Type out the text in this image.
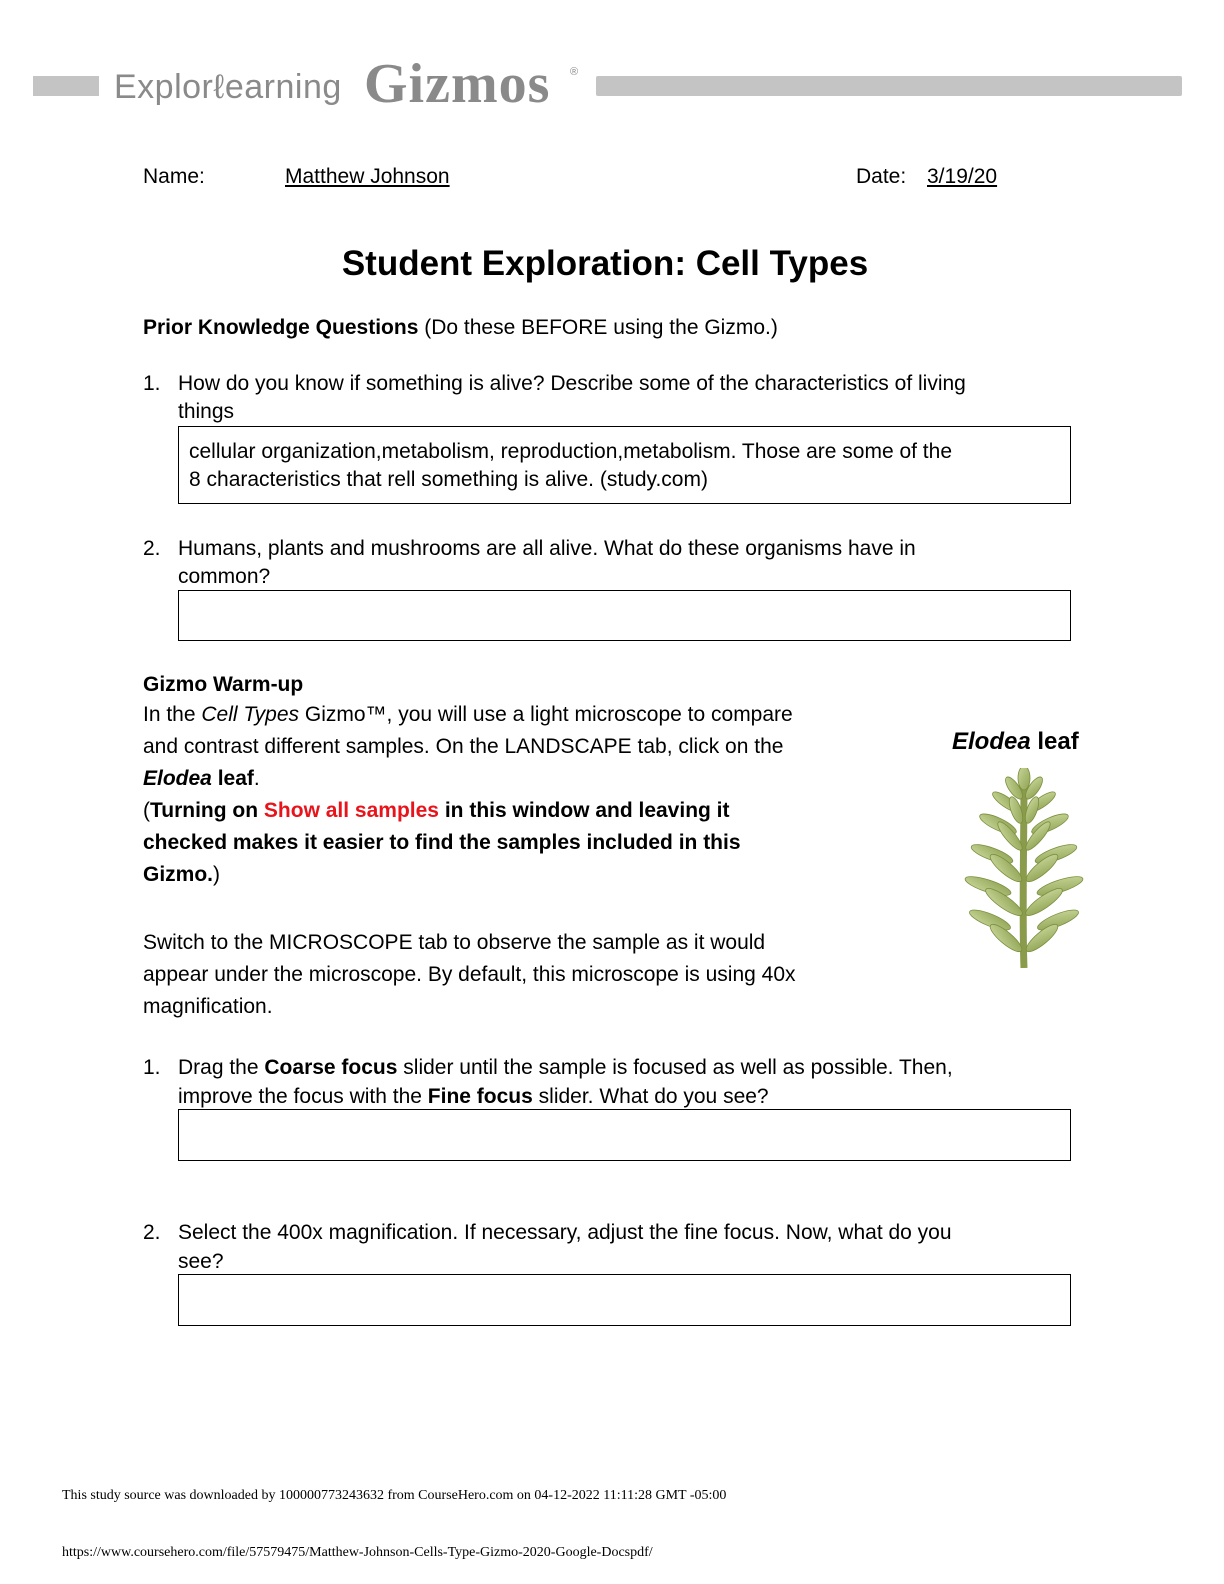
Explorℓearning Gizmos ®
Name:	Matthew Johnson	Date: 3/19/20
Student Exploration: Cell Types
Prior Knowledge Questions (Do these BEFORE using the Gizmo.)
1. How do you know if something is alive? Describe some of the characteristics of living
things
cellular organization,metabolism, reproduction,metabolism. Those are some of the
8 characteristics that rell something is alive. (study.com)
2. Humans, plants and mushrooms are all alive. What do these organisms have in
common?
Gizmo Warm-up
In the Cell Types Gizmo™, you will use a light microscope to compare
and contrast different samples. On the LANDSCAPE tab, click on the
Elodea leaf.
(Turning on Show all samples in this window and leaving it
checked makes it easier to find the samples included in this
Gizmo.)
Switch to the MICROSCOPE tab to observe the sample as it would
appear under the microscope. By default, this microscope is using 40x
magnification.
Elodea leaf
1. Drag the Coarse focus slider until the sample is focused as well as possible. Then,
improve the focus with the Fine focus slider. What do you see?
2. Select the 400x magnification. If necessary, adjust the fine focus. Now, what do you
see?
This study source was downloaded by 100000773243632 from CourseHero.com on 04-12-2022 11:11:28 GMT -05:00
https://www.coursehero.com/file/57579475/Matthew-Johnson-Cells-Type-Gizmo-2020-Google-Docspdf/
